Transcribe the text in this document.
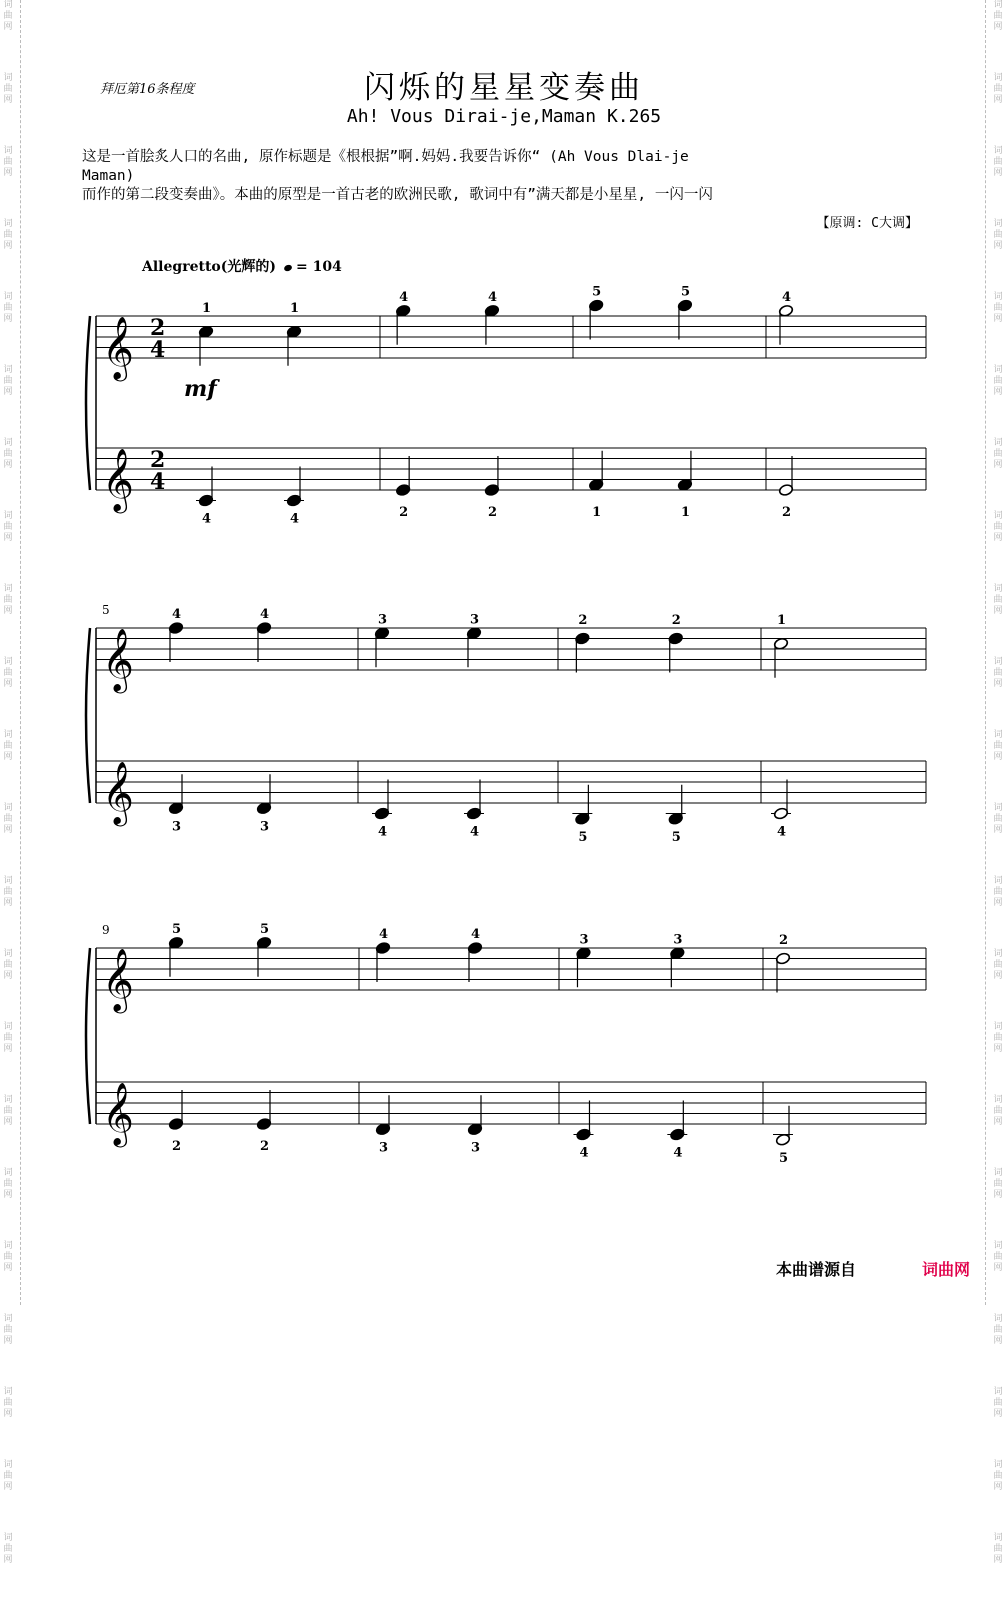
词
曲
网
词
曲
网
词
曲
网
词
曲
网
词
曲
网
词
曲
网
词
曲
网
词
曲
网
词
曲
网
词
曲
网
词
曲
网
词
曲
网
词
曲
网
词
曲
网
词
曲
网
词
曲
网
词
曲
网
词
曲
网
词
曲
网
词
曲
网
词
曲
网
词
曲
网
词
曲
网
词
曲
网
词
曲
网
词
曲
网
词
曲
网
词
曲
网
词
曲
网
词
曲
网
词
曲
网
词
曲
网
词
曲
网
词
曲
网
词
曲
网
词
曲
网
词
曲
网
词
曲
网
词
曲
网
词
曲
网
词
曲
网
词
曲
网
词
曲
网
词
曲
网
拜厄第16条程度	闪烁的星星变奏曲
Ah! Vous Dirai-je,Maman K.265

这是一首脍炙人口的名曲, 原作标题是《根根据”啊.妈妈.我要告诉你“ (Ah Vous Dlai-je

Maman)

而作的第二段变奏曲》。本曲的原型是一首古老的欧洲民歌, 歌词中有”满天都是小星星, 一闪一闪

【原调: C大调】
Allegretto(光辉的) = 104
𝄞
𝄞
2
4
2
4
mf
1	1
4	4	5	5	4
4	4	2	2	1	1	2
𝄞
𝄞
5	4	4	3	3	2	2	1
3	3	4	4	5	5	4
𝄞
𝄞
9	5	5	4	4	3	3	2
2	2	3	3	4	4	5
本曲谱源自	词曲网
